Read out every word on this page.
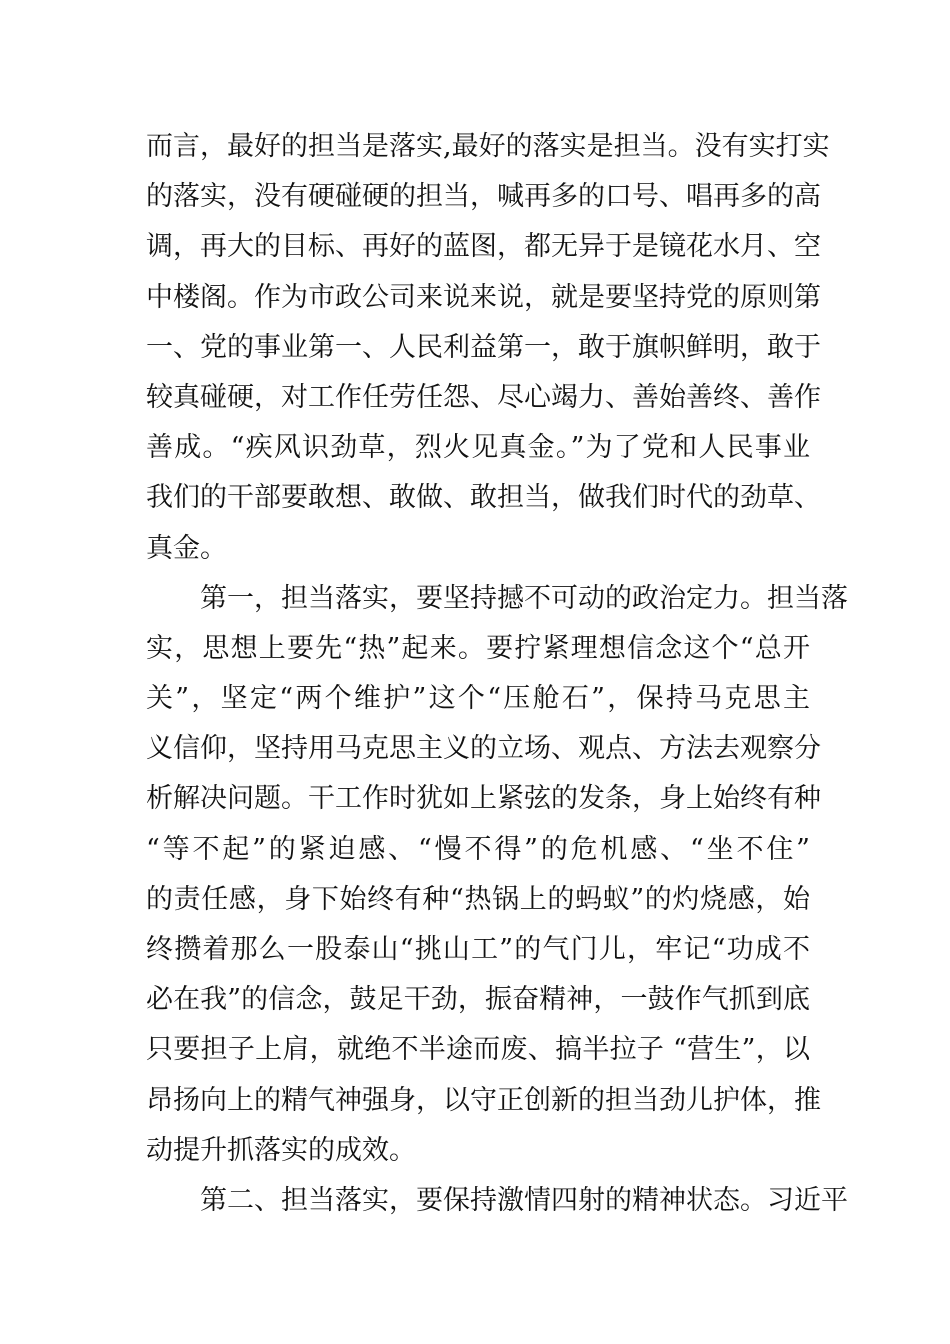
而言，最好的担当是落实,最好的落实是担当。没有实打实
的落实，没有硬碰硬的担当，喊再多的口号、唱再多的高
调，再大的目标、再好的蓝图，都无异于是镜花水月、空
中楼阁。作为市政公司来说来说，就是要坚持党的原则第
一、党的事业第一、人民利益第一，敢于旗帜鲜明，敢于
较真碰硬，对工作任劳任怨、尽心竭力、善始善终、善作
善成。“疾风识劲草，烈火见真金。”为了党和人民事业
我们的干部要敢想、敢做、敢担当，做我们时代的劲草、
真金。
　　第一，担当落实，要坚持撼不可动的政治定力。担当落
实，思想上要先“热”起来。要拧紧理想信念这个“总开
关”，坚定“两个维护”这个“压舱石”，保持马克思主
义信仰，坚持用马克思主义的立场、观点、方法去观察分
析解决问题。干工作时犹如上紧弦的发条，身上始终有种
“等不起”的紧迫感、“慢不得”的危机感、“坐不住”
的责任感，身下始终有种“热锅上的蚂蚁”的灼烧感，始
终攒着那么一股泰山“挑山工”的气门儿，牢记“功成不
必在我”的信念，鼓足干劲，振奋精神，一鼓作气抓到底
只要担子上肩，就绝不半途而废、搞半拉子 “营生”，以
昂扬向上的精气神强身，以守正创新的担当劲儿护体，推
动提升抓落实的成效。
　　第二、担当落实，要保持激情四射的精神状态。习近平
